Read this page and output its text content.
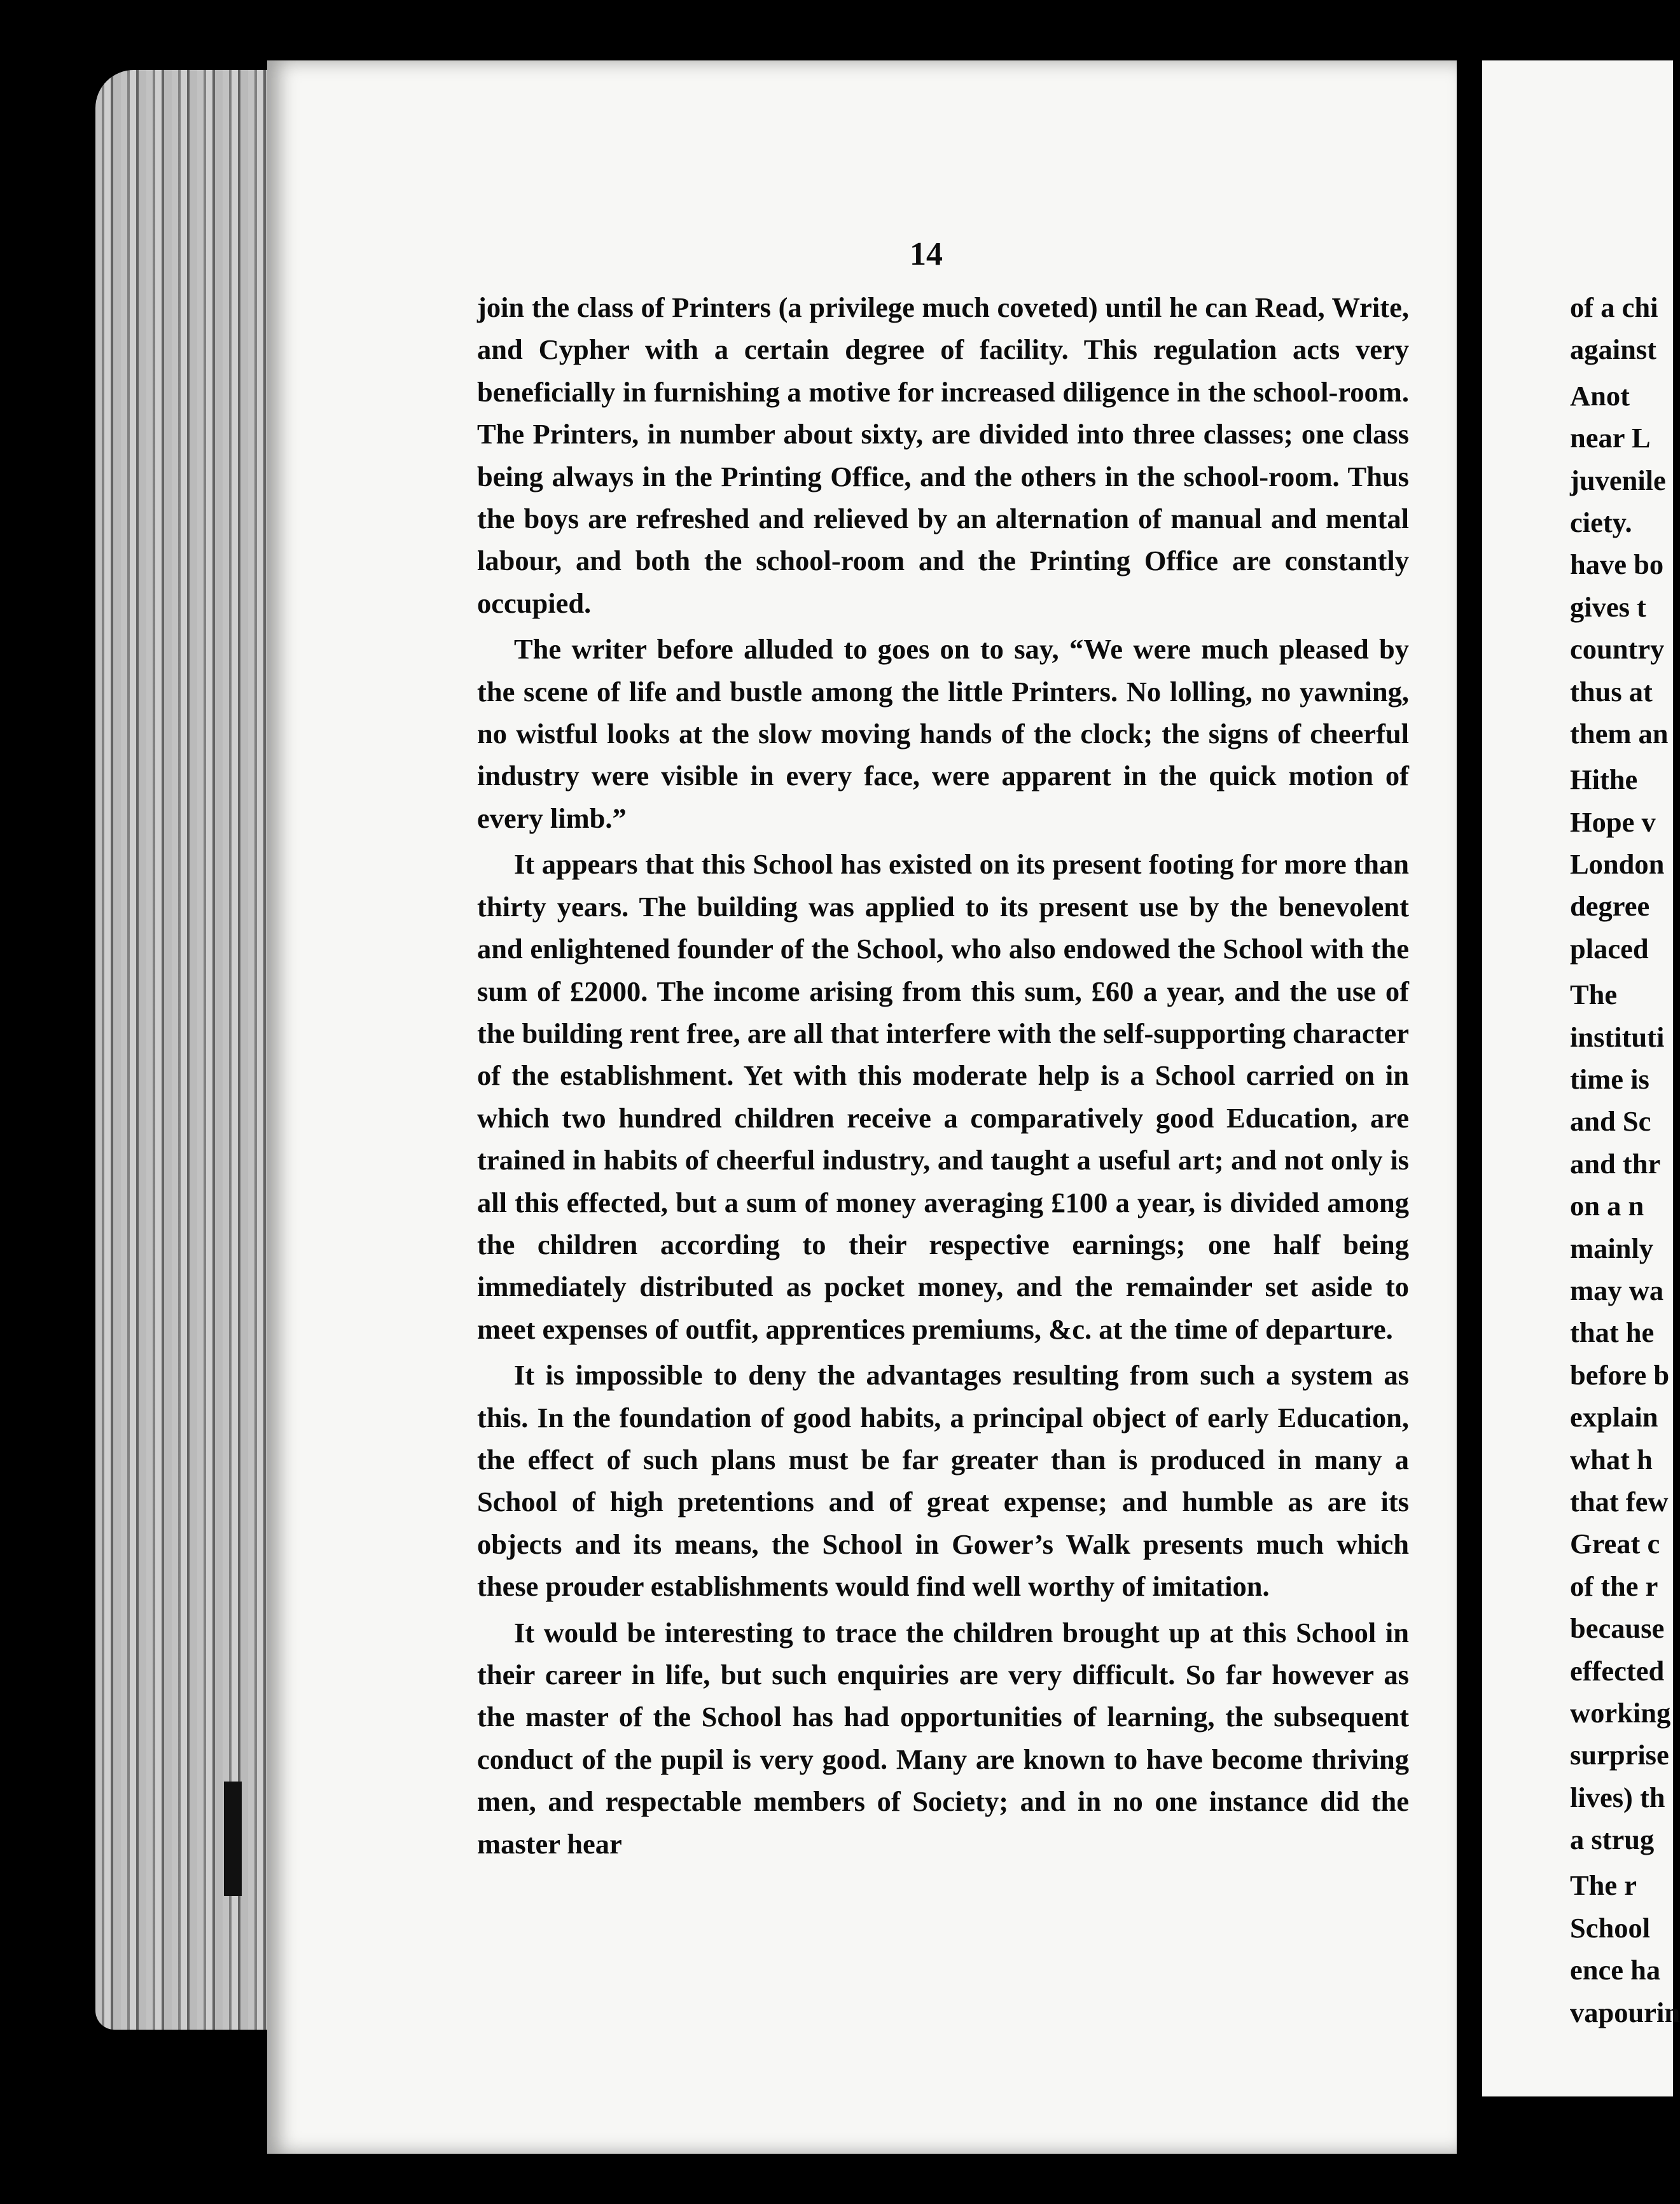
14

join the class of Printers (a privilege much coveted) until he can Read, Write, and Cypher with a certain degree of facility. This regulation acts very beneficially in furnishing a motive for increased diligence in the school-room. The Printers, in number about sixty, are divided into three classes; one class being always in the Printing Office, and the others in the school-room. Thus the boys are refreshed and relieved by an alternation of manual and mental labour, and both the school-room and the Printing Office are constantly occupied.

The writer before alluded to goes on to say, “We were much pleased by the scene of life and bustle among the little Printers. No lolling, no yawning, no wistful looks at the slow moving hands of the clock; the signs of cheerful industry were visible in every face, were apparent in the quick motion of every limb.”

It appears that this School has existed on its present footing for more than thirty years. The building was applied to its present use by the benevolent and enlightened founder of the School, who also endowed the School with the sum of £2000. The income arising from this sum, £60 a year, and the use of the building rent free, are all that interfere with the self-supporting character of the establishment. Yet with this moderate help is a School carried on in which two hundred children receive a comparatively good Education, are trained in habits of cheerful industry, and taught a useful art; and not only is all this effected, but a sum of money averaging £100 a year, is divided among the children according to their respective earnings; one half being immediately distributed as pocket money, and the remainder set aside to meet expenses of outfit, apprentices premiums, &c. at the time of departure.

It is impossible to deny the advantages resulting from such a system as this. In the foundation of good habits, a principal object of early Education, the effect of such plans must be far greater than is produced in many a School of high pretentions and of great expense; and humble as are its objects and its means, the School in Gower’s Walk presents much which these prouder establishments would find well worthy of imitation.

It would be interesting to trace the children brought up at this School in their career in life, but such enquiries are very difficult. So far however as the master of the School has had opportunities of learning, the subsequent conduct of the pupil is very good. Many are known to have become thriving men, and respectable members of Society; and in no one instance did the master hear

of a chi
against
Anot
near L
juvenile
ciety.
have bo
gives t
country
thus at
them an
Hithe
Hope v
London
degree
placed
The
instituti
time is
and Sc
and thr
on a n
mainly
may wa
that he
before b
explain
what h
that few
Great c
of the r
because
effected
working
surprise
lives) th
a strug
The r
School
ence ha
vapourin
